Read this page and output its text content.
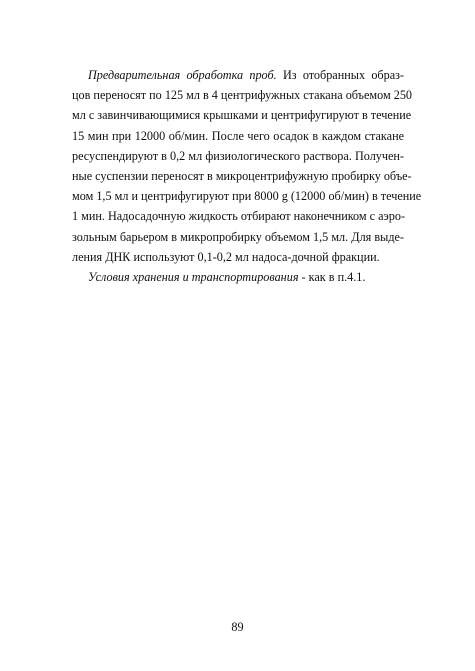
Предварительная обработка проб. Из отобранных образ-
цов переносят по 125 мл в 4 центрифужных стакана объемом 250
мл с завинчивающимися крышками и центрифугируют в течение
15 мин при 12000 об/мин. После чего осадок в каждом стакане
ресуспендируют в 0,2 мл физиологического раствора. Получен-
ные суспензии переносят в микроцентрифужную пробирку объе-
мом 1,5 мл и центрифугируют при 8000 g (12000 об/мин) в течение
1 мин. Надосадочную жидкость отбирают наконечником с аэро-
зольным барьером в микропробирку объемом 1,5 мл. Для выде-
ления ДНК используют 0,1-0,2 мл надоса-дочной фракции.
Условия хранения и транспортирования - как в п.4.1.
89
